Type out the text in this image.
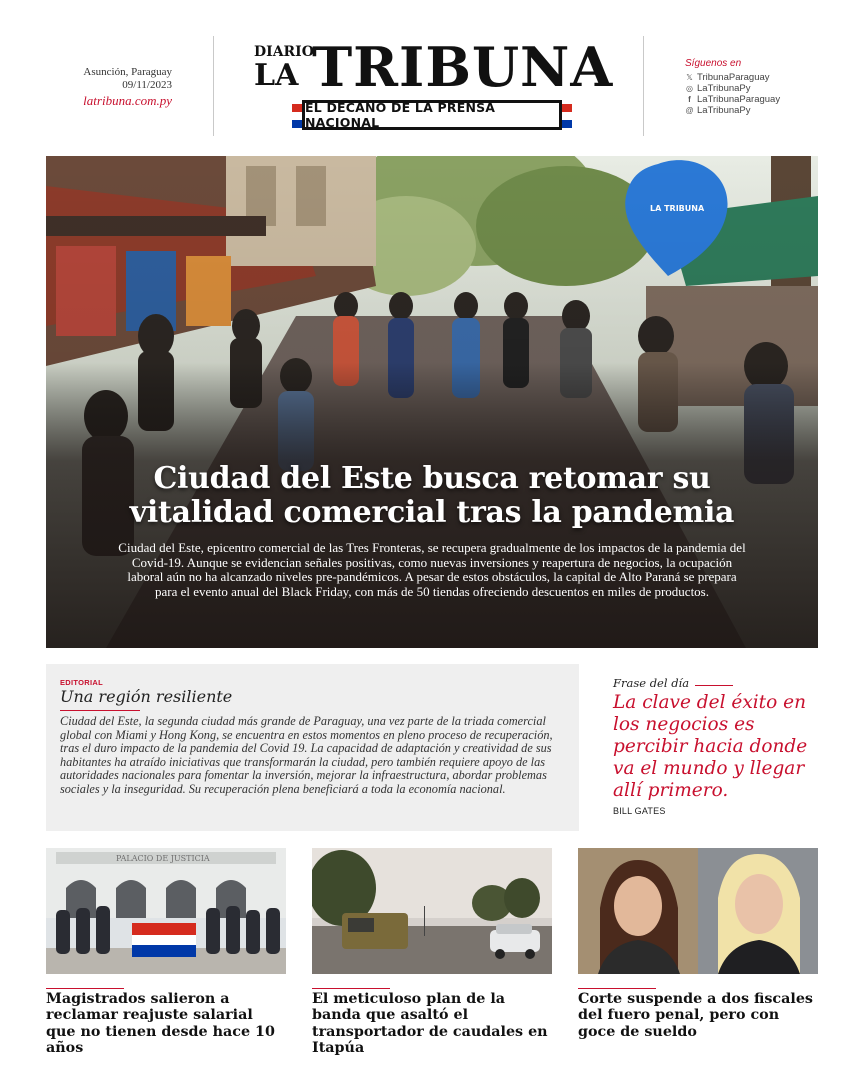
Asunción, Paraguay
09/11/2023
latribuna.com.py
DIARIO
LA TRIBUNA
EL DECANO DE LA PRENSA NACIONAL
Síguenos en
𝕏 TribunaParaguay
◎ LaTribunaPy
f LaTribunaParaguay
@ LaTribunaPy
Ciudad del Este busca retomar su
vitalidad comercial tras la pandemia

Ciudad del Este, epicentro comercial de las Tres Fronteras, se recupera gradualmente de los impactos de la pandemia del Covid-19. Aunque se evidencian señales positivas, como nuevas inversiones y reapertura de negocios, la ocupación laboral aún no ha alcanzado niveles pre-pandémicos. A pesar de estos obstáculos, la capital de Alto Paraná se prepara para el evento anual del Black Friday, con más de 50 tiendas ofreciendo descuentos en miles de productos.

EDITORIAL
Una región resiliente

Ciudad del Este, la segunda ciudad más grande de Paraguay, una vez parte de la triada comercial global con Miami y Hong Kong, se encuentra en estos momentos en pleno proceso de recuperación, tras el duro impacto de la pandemia del Covid 19. La capacidad de adaptación y creatividad de sus habitantes ha atraído iniciativas que transformarán la ciudad, pero también requiere apoyo de las autoridades nacionales para fomentar la inversión, mejorar la infraestructura, abordar problemas sociales y la inseguridad. Su recuperación plena beneficiará a toda la economía nacional.

Frase del día
La clave del éxito en los negocios es percibir hacia donde va el mundo y llegar allí primero.
BILL GATES
PALACIO DE JUSTICIA
Magistrados salieron a reclamar reajuste salarial que no tienen desde hace 10 años
El meticuloso plan de la banda que asaltó el transportador de caudales en Itapúa
Corte suspende a dos fiscales del fuero penal, pero con goce de sueldo
